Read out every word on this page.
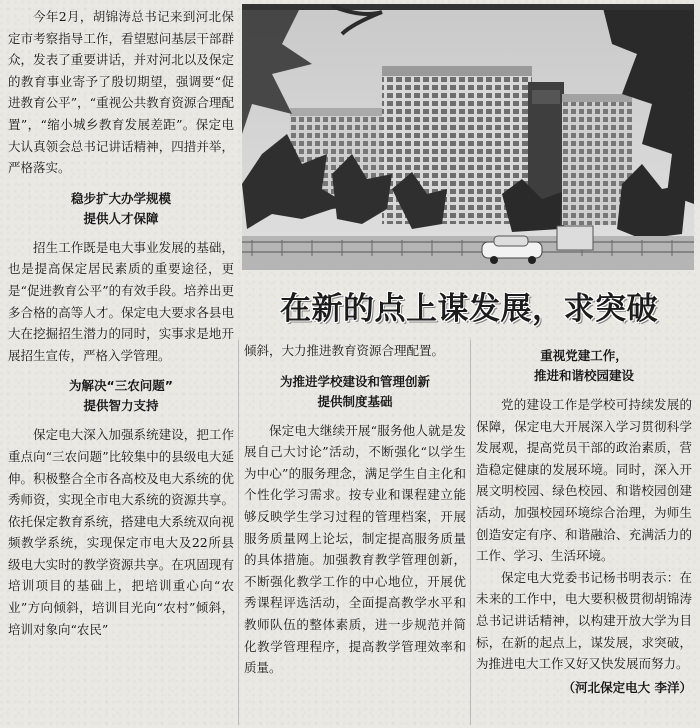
今年2月，胡锦涛总书记来到河北保定市考察指导工作，看望慰问基层干部群众，发表了重要讲话，并对河北以及保定的教育事业寄予了殷切期望，强调要“促进教育公平”，“重视公共教育资源合理配置”，“缩小城乡教育发展差距”。保定电大认真领会总书记讲话精神，四措并举，严格落实。

稳步扩大办学规模
提供人才保障

招生工作既是电大事业发展的基础，也是提高保定居民素质的重要途径，更是“促进教育公平”的有效手段。培养出更多合格的高等人才。保定电大要求各县电大在挖掘招生潜力的同时，实事求是地开展招生宣传，严格入学管理。

为解决“三农问题”
提供智力支持

保定电大深入加强系统建设，把工作重点向“三农问题”比较集中的县级电大延伸。积极整合全市各高校及电大系统的优秀师资，实现全市电大系统的资源共享。依托保定教育系统，搭建电大系统双向视频教学系统，实现保定市电大及22所县级电大实时的教学资源共享。在巩固现有培训项目的基础上，把培训重心向“农业”方向倾斜，培训目光向“农村”倾斜，培训对象向“农民”

在新的点上谋发展，求突破

倾斜，大力推进教育资源合理配置。

为推进学校建设和管理创新
提供制度基础

保定电大继续开展“服务他人就是发展自己大讨论”活动，不断强化“以学生为中心”的服务理念，满足学生自主化和个性化学习需求。按专业和课程建立能够反映学生学习过程的管理档案，开展服务质量网上论坛，制定提高服务质量的具体措施。加强教育教学管理创新，不断强化教学工作的中心地位，开展优秀课程评选活动，全面提高教学水平和教师队伍的整体素质，进一步规范并简化教学管理程序，提高教学管理效率和质量。

重视党建工作，
推进和谐校园建设

党的建设工作是学校可持续发展的保障，保定电大开展深入学习贯彻科学发展观，提高党员干部的政治素质，营造稳定健康的发展环境。同时，深入开展文明校园、绿色校园、和谐校园创建活动，加强校园环境综合治理，为师生创造安定有序、和谐融洽、充满活力的工作、学习、生活环境。

保定电大党委书记杨书明表示：在未来的工作中，电大要积极贯彻胡锦涛总书记讲话精神，以构建开放大学为目标，在新的起点上，谋发展，求突破，为推进电大工作又好又快发展而努力。

（河北保定电大 李洋）
